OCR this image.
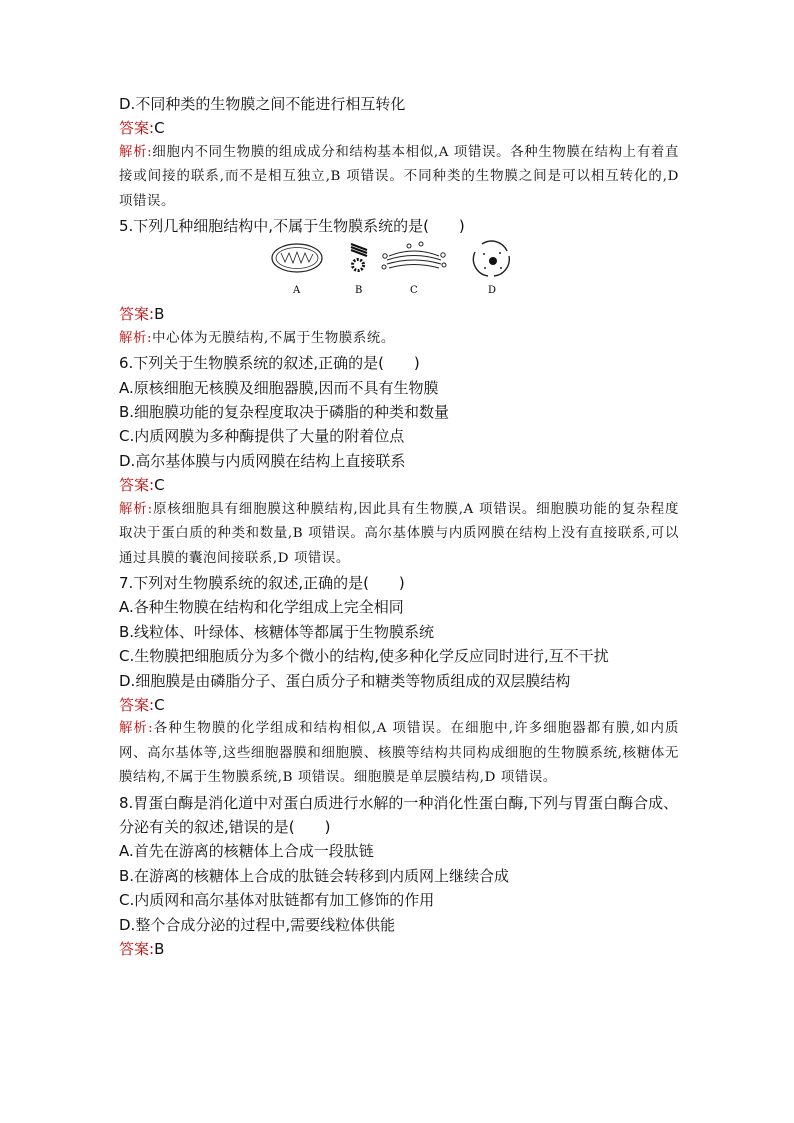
D.不同种类的生物膜之间不能进行相互转化
答案:C
解析:细胞内不同生物膜的组成成分和结构基本相似,A 项错误。各种生物膜在结构上有着直接或间接的联系,而不是相互独立,B 项错误。不同种类的生物膜之间是可以相互转化的,D 项错误。
5.下列几种细胞结构中,不属于生物膜系统的是(　　)
A	B	C	D
答案:B
解析:中心体为无膜结构,不属于生物膜系统。
6.下列关于生物膜系统的叙述,正确的是(　　)
A.原核细胞无核膜及细胞器膜,因而不具有生物膜
B.细胞膜功能的复杂程度取决于磷脂的种类和数量
C.内质网膜为多种酶提供了大量的附着位点
D.高尔基体膜与内质网膜在结构上直接联系
答案:C
解析:原核细胞具有细胞膜这种膜结构,因此具有生物膜,A 项错误。细胞膜功能的复杂程度取决于蛋白质的种类和数量,B 项错误。高尔基体膜与内质网膜在结构上没有直接联系,可以通过具膜的囊泡间接联系,D 项错误。
7.下列对生物膜系统的叙述,正确的是(　　)
A.各种生物膜在结构和化学组成上完全相同
B.线粒体、叶绿体、核糖体等都属于生物膜系统
C.生物膜把细胞质分为多个微小的结构,使多种化学反应同时进行,互不干扰
D.细胞膜是由磷脂分子、蛋白质分子和糖类等物质组成的双层膜结构
答案:C
解析:各种生物膜的化学组成和结构相似,A 项错误。在细胞中,许多细胞器都有膜,如内质网、高尔基体等,这些细胞器膜和细胞膜、核膜等结构共同构成细胞的生物膜系统,核糖体无膜结构,不属于生物膜系统,B 项错误。细胞膜是单层膜结构,D 项错误。
8.胃蛋白酶是消化道中对蛋白质进行水解的一种消化性蛋白酶,下列与胃蛋白酶合成、分泌有关的叙述,错误的是(　　)
A.首先在游离的核糖体上合成一段肽链
B.在游离的核糖体上合成的肽链会转移到内质网上继续合成
C.内质网和高尔基体对肽链都有加工修饰的作用
D.整个合成分泌的过程中,需要线粒体供能
答案:B
